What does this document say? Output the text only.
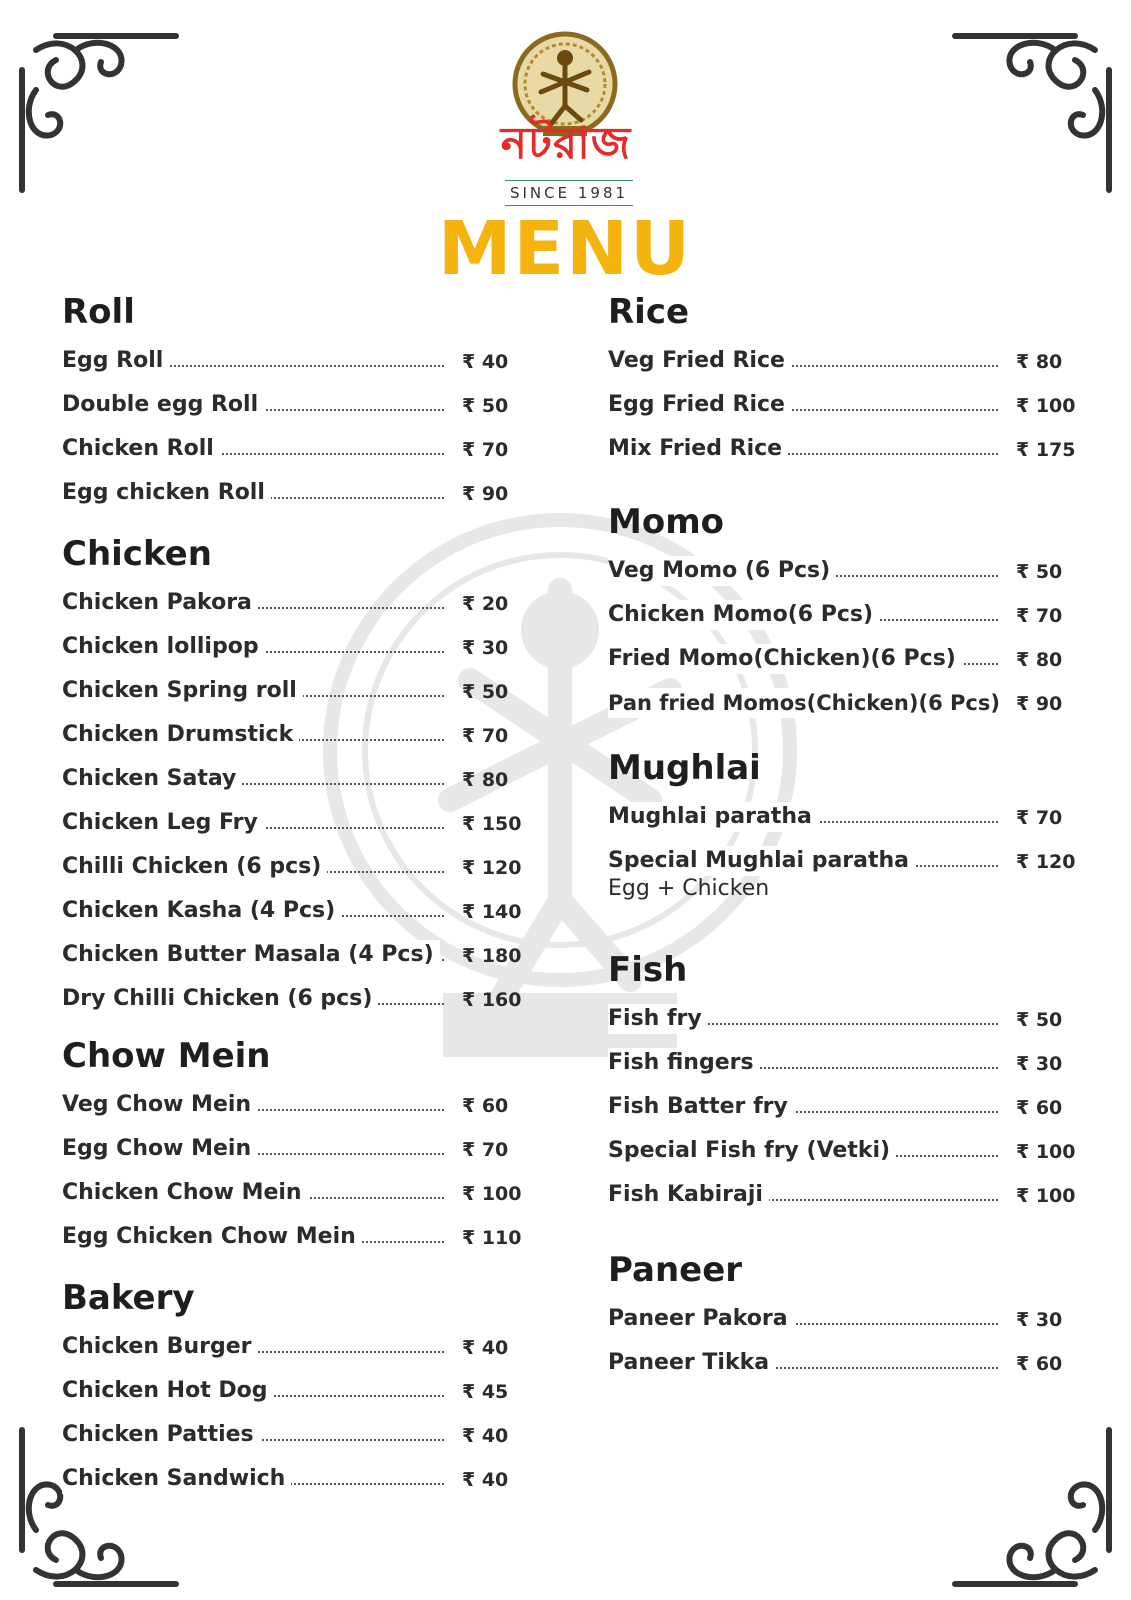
নটরাজ
SINCE 1981
MENU
Roll
Egg Roll	₹ 40
Double egg Roll	₹ 50
Chicken Roll	₹ 70
Egg chicken Roll	₹ 90
Chicken
Chicken Pakora	₹ 20
Chicken lollipop	₹ 30
Chicken Spring roll	₹ 50
Chicken Drumstick	₹ 70
Chicken Satay	₹ 80
Chicken Leg Fry	₹ 150
Chilli Chicken (6 pcs)	₹ 120
Chicken Kasha (4 Pcs)	₹ 140
Chicken Butter Masala (4 Pcs)	₹ 180
Dry Chilli Chicken (6 pcs)	₹ 160
Chow Mein
Veg Chow Mein	₹ 60
Egg Chow Mein	₹ 70
Chicken Chow Mein	₹ 100
Egg Chicken Chow Mein	₹ 110
Bakery
Chicken Burger	₹ 40
Chicken Hot Dog	₹ 45
Chicken Patties	₹ 40
Chicken Sandwich	₹ 40
Rice
Veg Fried Rice	₹ 80
Egg Fried Rice	₹ 100
Mix Fried Rice	₹ 175
Momo
Veg Momo (6 Pcs)	₹ 50
Chicken Momo(6 Pcs)	₹ 70
Fried Momo(Chicken)(6 Pcs)	₹ 80
Pan fried Momos(Chicken)(6 Pcs) ₹ 90
Mughlai
Mughlai paratha	₹ 70
Special Mughlai paratha	₹ 120
Egg + Chicken
Fish
Fish fry	₹ 50
Fish fingers	₹ 30
Fish Batter fry	₹ 60
Special Fish fry (Vetki)	₹ 100
Fish Kabiraji	₹ 100
Paneer
Paneer Pakora	₹ 30
Paneer Tikka	₹ 60
